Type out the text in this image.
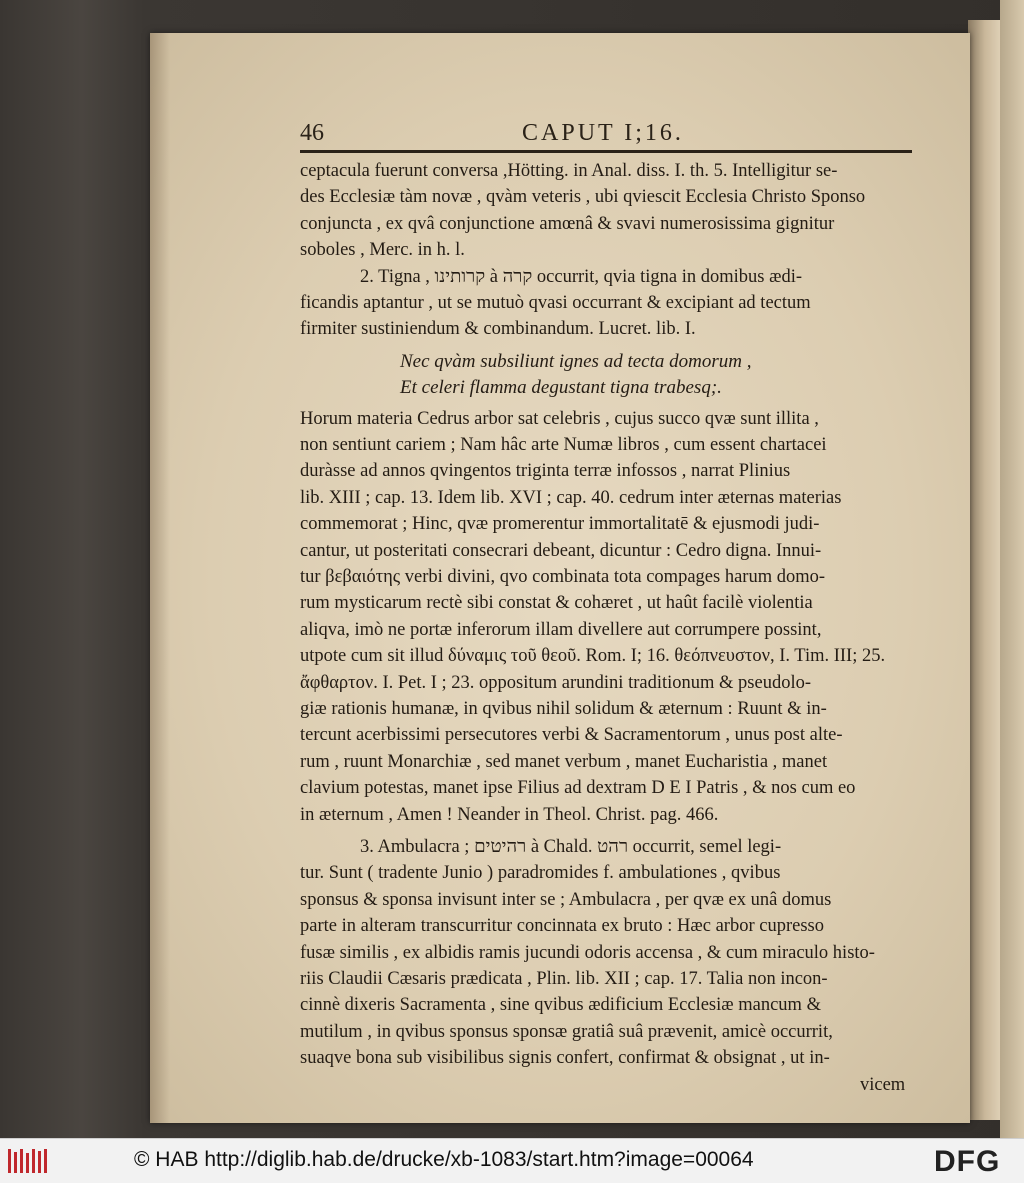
46	CAPUT I;16.
ceptacula fuerunt conversa ,Hötting. in Anal. diss. I. th. 5. Intelligitur se-
des Ecclesiæ tàm novæ , qvàm veteris , ubi qviescit Ecclesia Christo Sponso
conjuncta , ex qvâ conjunctione amœnâ & svavi numerosissima gignitur
soboles , Merc. in h. l.
2. Tigna , קרותינו à קרה occurrit, qvia tigna in domibus ædi-
ficandis aptantur , ut se mutuò qvasi occurrant & excipiant ad tectum
firmiter sustiniendum & combinandum. Lucret. lib. I.
Nec qvàm subsiliunt ignes ad tecta domorum ,
Et celeri flamma degustant tigna trabesq;.
Horum materia Cedrus arbor sat celebris , cujus succo qvæ sunt illita ,
non sentiunt cariem ; Nam hâc arte Numæ libros , cum essent chartacei
duràsse ad annos qvingentos triginta terræ infossos , narrat Plinius
lib. XIII ; cap. 13. Idem lib. XVI ; cap. 40. cedrum inter æternas materias
commemorat ; Hinc, qvæ promerentur immortalitatē & ejusmodi judi-
cantur, ut posteritati consecrari debeant, dicuntur : Cedro digna. Innui-
tur βεβαιότης verbi divini, qvo combinata tota compages harum domo-
rum mysticarum rectè sibi constat & cohæret , ut haût facilè violentia
aliqva, imò ne portæ inferorum illam divellere aut corrumpere possint,
utpote cum sit illud δύναμις τοῦ θεοῦ. Rom. I; 16. θεόπνευστον, I. Tim. III; 25.
ἄφθαρτον. I. Pet. I ; 23. oppositum arundini traditionum & pseudolo-
giæ rationis humanæ, in qvibus nihil solidum & æternum : Ruunt & in-
tercunt acerbissimi persecutores verbi & Sacramentorum , unus post alte-
rum , ruunt Monarchiæ , sed manet verbum , manet Eucharistia , manet
clavium potestas, manet ipse Filius ad dextram D E I Patris , & nos cum eo
in æternum , Amen ! Neander in Theol. Christ. pag. 466.
3. Ambulacra ; רהיטים à Chald. רהט occurrit, semel legi-
tur. Sunt ( tradente Junio ) paradromides f. ambulationes , qvibus
sponsus & sponsa invisunt inter se ; Ambulacra , per qvæ ex unâ domus
parte in alteram transcurritur concinnata ex bruto : Hæc arbor cupresso
fusæ similis , ex albidis ramis jucundi odoris accensa , & cum miraculo histo-
riis Claudii Cæsaris prædicata , Plin. lib. XII ; cap. 17. Talia non incon-
cinnè dixeris Sacramenta , sine qvibus ædificium Ecclesiæ mancum &
mutilum , in qvibus sponsus sponsæ gratiâ suâ prævenit, amicè occurrit,
suaqve bona sub visibilibus signis confert, confirmat & obsignat , ut in-
vicem
© HAB http://diglib.hab.de/drucke/xb-1083/start.htm?image=00064	DFG
